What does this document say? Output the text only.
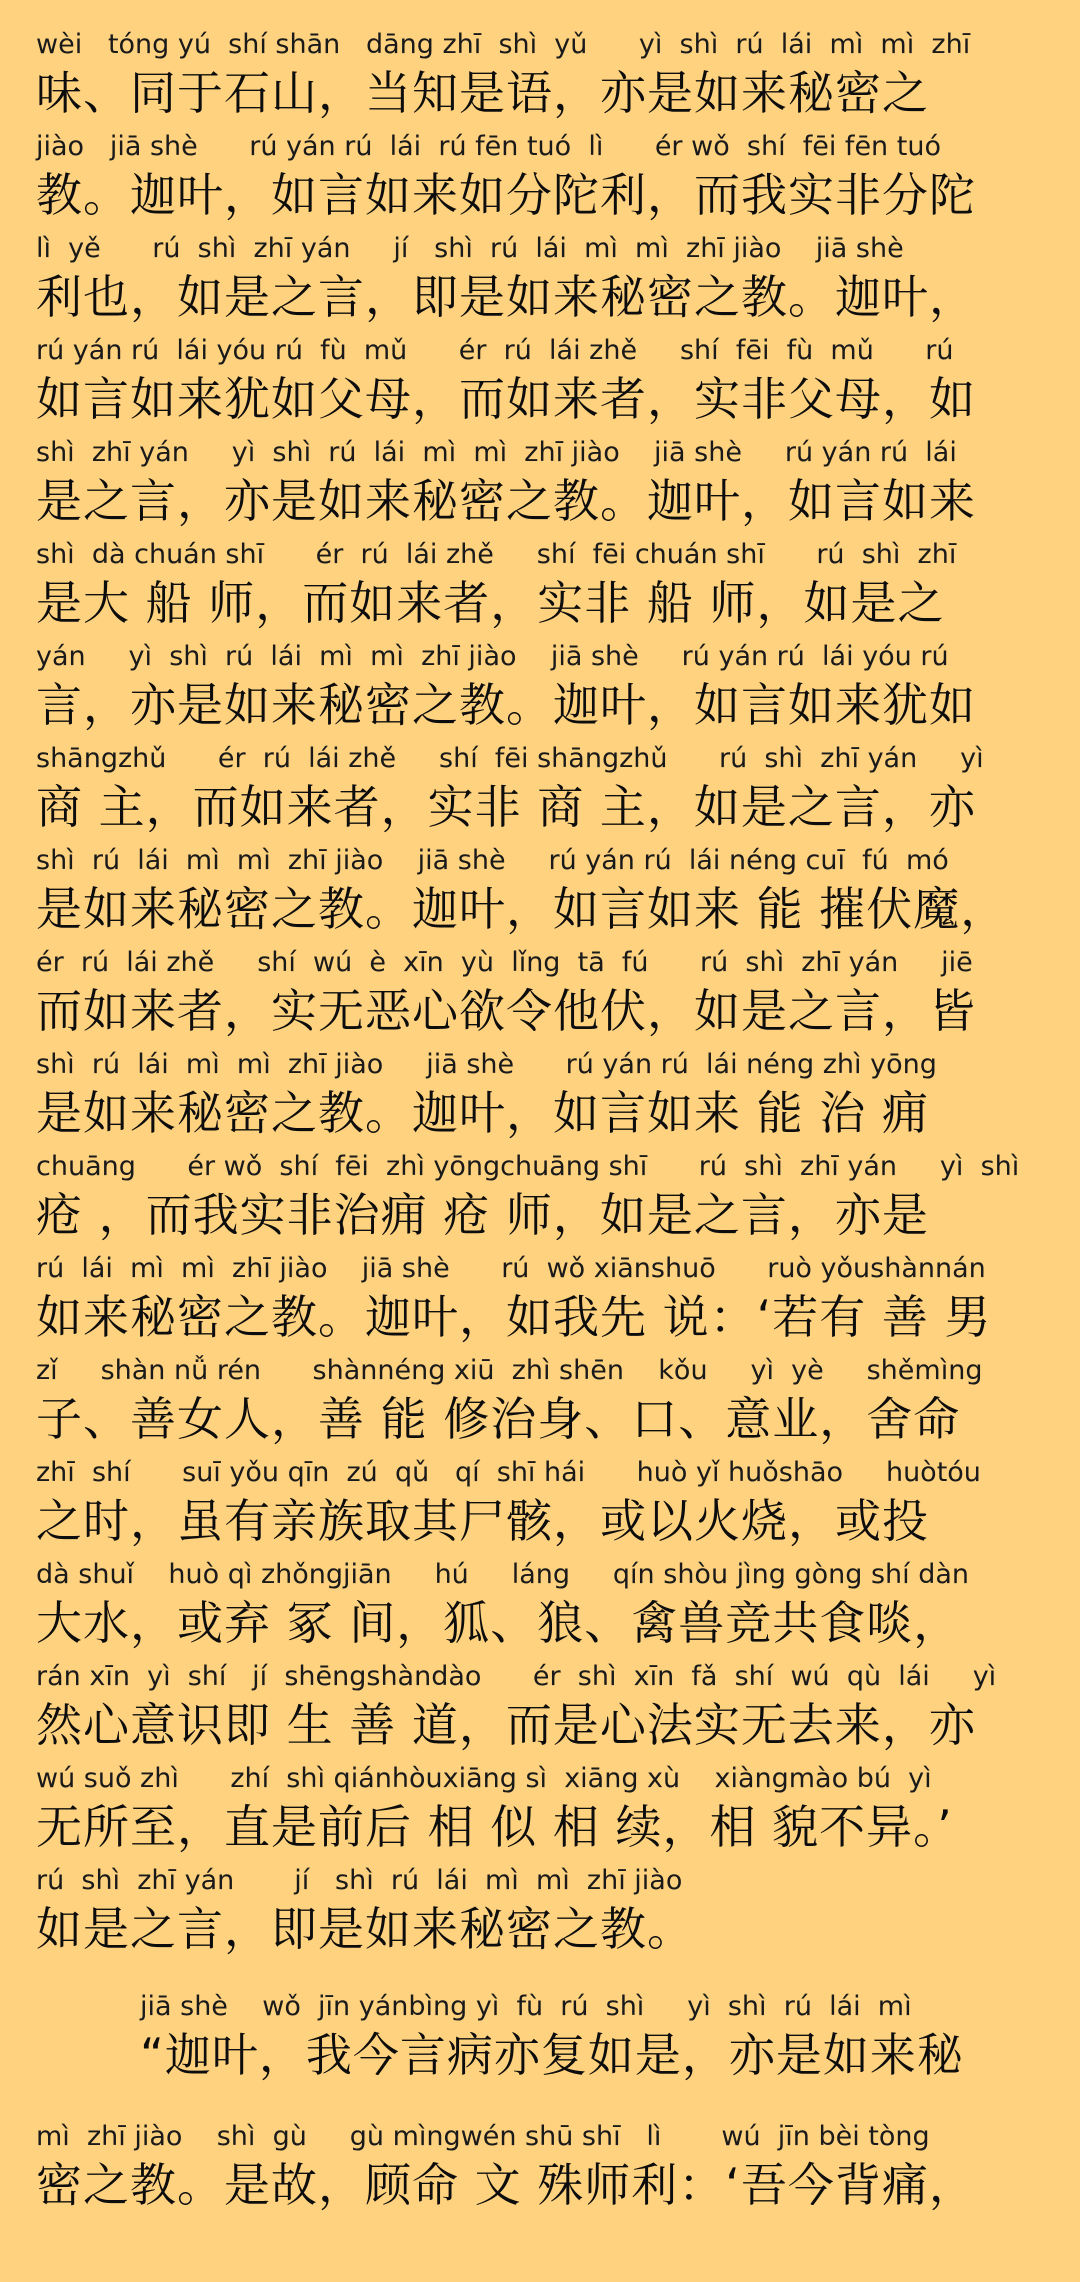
wèi   tóng yú  shí shān   dāng zhī  shì  yǔ      yì  shì  rú  lái  mì  mì  zhī
味、同于石山，当知是语，亦是如来秘密之
jiào   jiā shè      rú yán rú  lái  rú fēn tuó  lì      ér wǒ  shí  fēi fēn tuó
教。迦叶，如言如来如分陀利，而我实非分陀
lì  yě      rú  shì  zhī yán     jí   shì  rú  lái  mì  mì  zhī jiào    jiā shè
利也，如是之言，即是如来秘密之教。迦叶，
rú yán rú  lái yóu rú  fù  mǔ      ér  rú  lái zhě     shí  fēi  fù  mǔ      rú
如言如来犹如父母，而如来者，实非父母，如
shì  zhī yán     yì  shì  rú  lái  mì  mì  zhī jiào    jiā shè     rú yán rú  lái
是之言，亦是如来秘密之教。迦叶，如言如来
shì  dà chuán shī      ér  rú  lái zhě     shí  fēi chuán shī      rú  shì  zhī
是大 船 师，而如来者，实非 船 师，如是之
yán     yì  shì  rú  lái  mì  mì  zhī jiào    jiā shè     rú yán rú  lái yóu rú
言，亦是如来秘密之教。迦叶，如言如来犹如
shāngzhǔ      ér  rú  lái zhě     shí  fēi shāngzhǔ      rú  shì  zhī yán     yì
商 主，而如来者，实非 商 主，如是之言，亦
shì  rú  lái  mì  mì  zhī jiào    jiā shè     rú yán rú  lái néng cuī  fú  mó
是如来秘密之教。迦叶，如言如来 能 摧伏魔，
ér  rú  lái zhě     shí  wú  è  xīn  yù  lǐng  tā  fú      rú  shì  zhī yán     jiē
而如来者，实无恶心欲令他伏，如是之言，皆
shì  rú  lái  mì  mì  zhī jiào     jiā shè      rú yán rú  lái néng zhì yōng
是如来秘密之教。迦叶，如言如来 能 治 痈
chuāng      ér wǒ  shí  fēi  zhì yōngchuāng shī      rú  shì  zhī yán     yì  shì
疮 ，而我实非治痈 疮 师，如是之言，亦是
rú  lái  mì  mì  zhī jiào    jiā shè      rú  wǒ xiānshuō      ruò yǒushànnán
如来秘密之教。迦叶，如我先 说：‘若有 善 男
zǐ     shàn nǚ rén      shànnéng xiū  zhì shēn    kǒu     yì  yè     shěmìng
子、善女人，善 能 修治身、口、意业，舍命
zhī  shí      suī yǒu qīn  zú  qǔ   qí  shī hái      huò yǐ huǒshāo     huòtóu
之时，虽有亲族取其尸骸，或以火烧，或投
dà shuǐ    huò qì zhǒngjiān     hú     láng     qín shòu jìng gòng shí dàn
大水，或弃 冢 间，狐、狼、禽兽竞共食啖，
rán xīn  yì  shí   jí  shēngshàndào      ér  shì  xīn  fǎ  shí  wú  qù  lái     yì
然心意识即 生 善 道，而是心法实无去来，亦
wú suǒ zhì      zhí  shì qiánhòuxiāng sì  xiāng xù    xiàngmào bú  yì
无所至，直是前后 相 似 相 续，相 貌不异。’
rú  shì  zhī yán       jí   shì  rú  lái  mì  mì  zhī jiào
如是之言，即是如来秘密之教。
jiā shè    wǒ  jīn yánbìng yì  fù  rú  shì     yì  shì  rú  lái  mì
“迦叶，我今言病亦复如是，亦是如来秘
mì  zhī jiào    shì  gù     gù mìngwén shū shī   lì       wú  jīn bèi tòng
密之教。是故，顾命 文 殊师利：‘吾今背痛，
